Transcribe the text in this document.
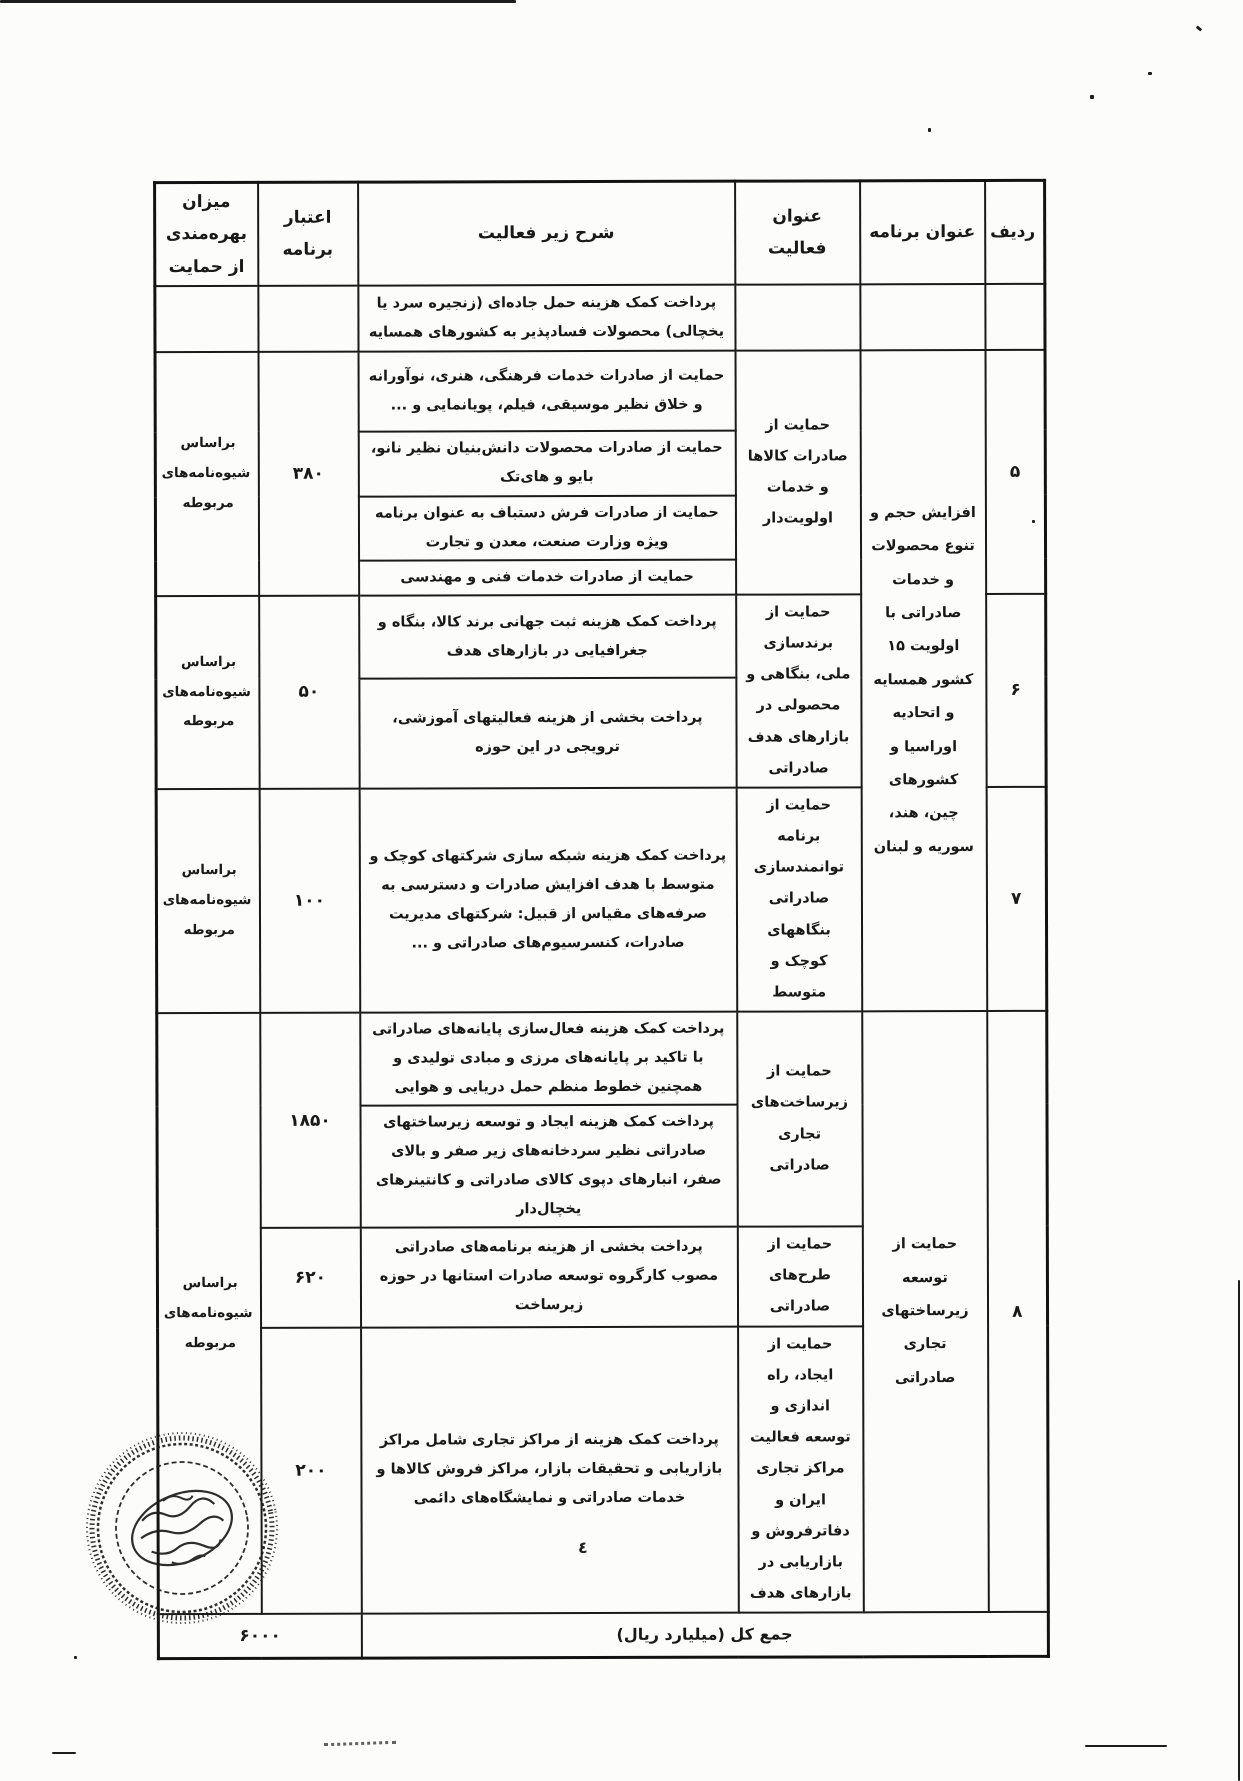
ردیف	عنوان برنامه	عنوان فعالیت	شرح زیر فعالیت	اعتبار برنامه	میزان بهره‌مندی از حمایت
			پرداخت کمک هزینه حمل جاده‌ای (زنجیره سرد یا یخچالی) محصولات فسادپذیر به کشورهای همسایه		
۵	افزایش حجم و تنوع محصولات و خدمات صادراتی با اولویت ۱۵ کشور همسایه و اتحادیه اوراسیا و کشورهای چین، هند، سوریه و لبنان	حمایت از صادرات کالاها و خدمات اولویت‌دار	حمایت از صادرات خدمات فرهنگی، هنری، نوآورانه و خلاق نظیر موسیقی، فیلم، پویانمایی و ...	۳۸۰	براساس شیوه‌نامه‌های مربوطه
			حمایت از صادرات محصولات دانش‌بنیان نظیر نانو، بایو و های‌تک		
			حمایت از صادرات فرش دستباف به عنوان برنامه ویژه وزارت صنعت، معدن و تجارت		
			حمایت از صادرات خدمات فنی و مهندسی		
۶		حمایت از برندسازی ملی، بنگاهی و محصولی در بازارهای هدف صادراتی	پرداخت کمک هزینه ثبت جهانی برند کالا، بنگاه و جغرافیایی در بازارهای هدف	۵۰	براساس شیوه‌نامه‌های مربوطه
			پرداخت بخشی از هزینه فعالیتهای آموزشی، ترویجی در این حوزه		
۷		حمایت از برنامه توانمندسازی صادراتی بنگاههای کوچک و متوسط	پرداخت کمک هزینه شبکه سازی شرکتهای کوچک و متوسط با هدف افزایش صادرات و دسترسی به صرفه‌های مقیاس از قبیل: شرکتهای مدیریت صادرات، کنسرسیوم‌های صادراتی و ...	۱۰۰	براساس شیوه‌نامه‌های مربوطه
۸	حمایت از توسعه زیرساختهای تجاری صادراتی	حمایت از زیرساخت‌های تجاری صادراتی	پرداخت کمک هزینه فعال‌سازی پایانه‌های صادراتی با تاکید بر پایانه‌های مرزی و مبادی تولیدی و همچنین خطوط منظم حمل دریایی و هوایی	۱۸۵۰	براساس شیوه‌نامه‌های مربوطه
			پرداخت کمک هزینه ایجاد و توسعه زیرساختهای صادراتی نظیر سردخانه‌های زیر صفر و بالای صفر، انبارهای دپوی کالای صادراتی و کانتینرهای یخچال‌دار		
		حمایت از طرح‌های صادراتی	پرداخت بخشی از هزینه برنامه‌های صادراتی مصوب کارگروه توسعه صادرات استانها در حوزه زیرساخت	۶۲۰	
		حمایت از ایجاد، راه اندازی و توسعه فعالیت مراکز تجاری ایران و دفاترفروش و بازاریابی در بازارهای هدف	پرداخت کمک هزینه از مراکز تجاری شامل مراکز بازاریابی و تحقیقات بازار، مراکز فروش کالاها و خدمات صادراتی و نمایشگاه‌های دائمی	۲۰۰	
جمع کل (میلیارد ریال)				۶۰۰۰	
٤
